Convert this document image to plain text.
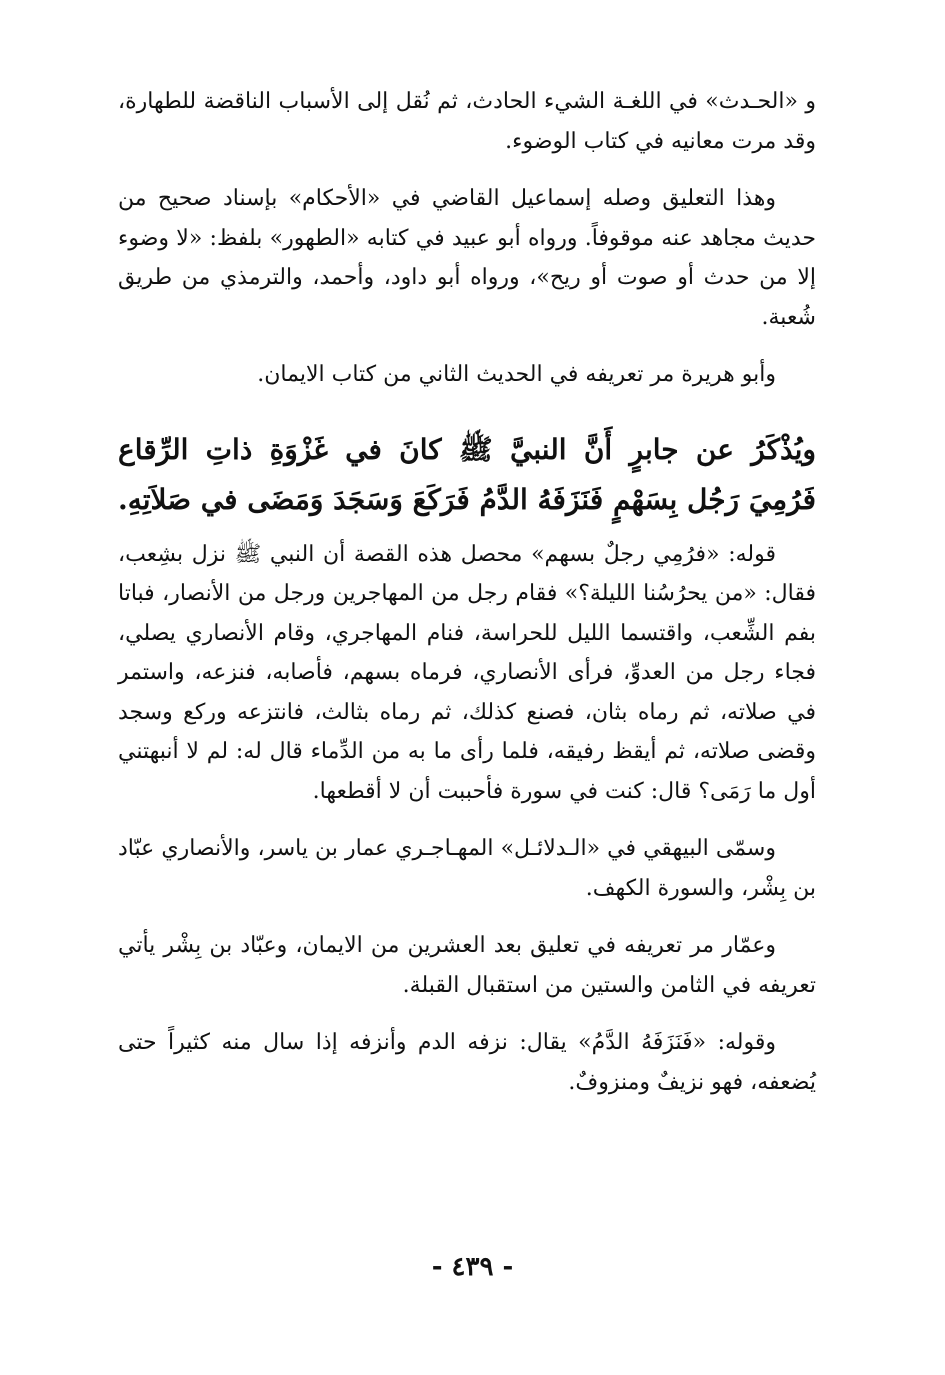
و «الحـدث» في اللغـة الشيء الحادث، ثم نُقل إلى الأسباب الناقضة للطهارة، وقد مرت معانيه في كتاب الوضوء.

وهذا التعليق وصله إسماعيل القاضي في «الأحكام» بإسناد صحيح من حديث مجاهد عنه موقوفاً. ورواه أبو عبيد في كتابه «الطهور» بلفظ: «لا وضوء إلا من حدث أو صوت أو ريح»، ورواه أبو داود، وأحمد، والترمذي من طريق شُعبة.

وأبو هريرة مر تعريفه في الحديث الثاني من كتاب الايمان.

ويُذْكَرُ عن جابرٍ أَنَّ النبيَّ ﷺ كانَ في غَزْوَةِ ذاتِ الرِّقاع فَرُمِيَ رَجُل بِسَهْمٍ فَنَزَفَهُ الدَّمُ فَرَكَعَ وَسَجَدَ وَمَضَى في صَلاَتِهِ.

قوله: «فرُمِي رجلٌ بسهم» محصل هذه القصة أن النبي ﷺ نزل بشِعب، فقال: «من يحرُسُنا الليلة؟» فقام رجل من المهاجرين ورجل من الأنصار، فباتا بفم الشِّعب، واقتسما الليل للحراسة، فنام المهاجري، وقام الأنصاري يصلي، فجاء رجل من العدوِّ، فرأى الأنصاري، فرماه بسهم، فأصابه، فنزعه، واستمر في صلاته، ثم رماه بثان، فصنع كذلك، ثم رماه بثالث، فانتزعه وركع وسجد وقضى صلاته، ثم أيقظ رفيقه، فلما رأى ما به من الدِّماء قال له: لم لا أنبهتني أول ما رَمَى؟ قال: كنت في سورة فأحببت أن لا أقطعها.

وسمّى البيهقي في «الـدلائـل» المهـاجـري عمار بن ياسر، والأنصاري عبّاد بن بِشْر، والسورة الكهف.

وعمّار مر تعريفه في تعليق بعد العشرين من الايمان، وعبّاد بن بِشْر يأتي تعريفه في الثامن والستين من استقبال القبلة.

وقوله: «فَنَزَفَهُ الدَّمُ» يقال: نزفه الدم وأنزفه إذا سال منه كثيراً حتى يُضعفه، فهو نزيفٌ ومنزوفٌ.

- ٤٣٩ -
